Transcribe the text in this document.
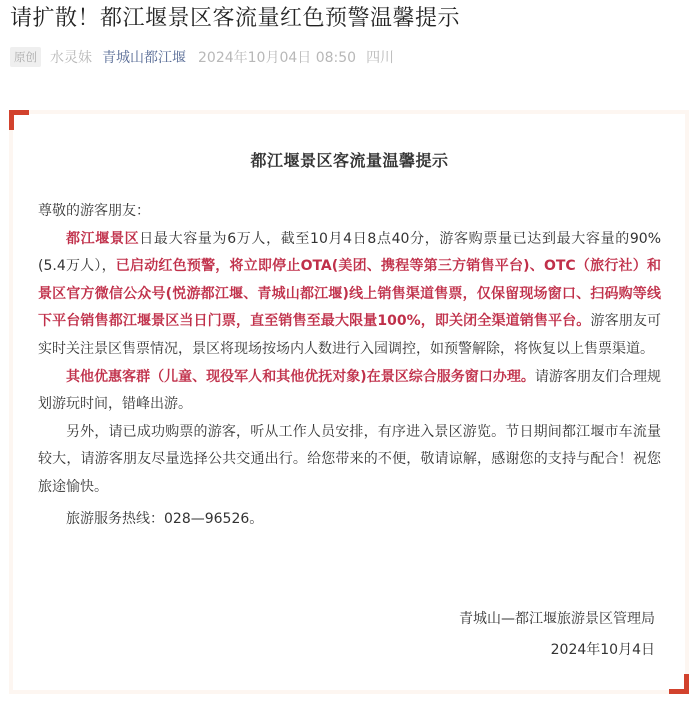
请扩散！都江堰景区客流量红色预警温馨提示
原创 水灵妹 青城山都江堰 2024年10月04日 08:50 四川
都江堰景区客流量温馨提示

尊敬的游客朋友：

都江堰景区日最大容量为6万人，截至10月4日8点40分，游客购票量已达到最大容量的90%(5.4万人），已启动红色预警，将立即停止OTA(美团、携程等第三方销售平台)、OTC（旅行社）和景区官方微信公众号(悦游都江堰、青城山都江堰)线上销售渠道售票，仅保留现场窗口、扫码购等线下平台销售都江堰景区当日门票，直至销售至最大限量100%，即关闭全渠道销售平台。游客朋友可实时关注景区售票情况，景区将现场按场内人数进行入园调控，如预警解除，将恢复以上售票渠道。

其他优惠客群（儿童、现役军人和其他优抚对象)在景区综合服务窗口办理。请游客朋友们合理规划游玩时间，错峰出游。

另外，请已成功购票的游客，听从工作人员安排，有序进入景区游览。节日期间都江堰市车流量较大，请游客朋友尽量选择公共交通出行。给您带来的不便，敬请谅解，感谢您的支持与配合！祝您旅途愉快。

旅游服务热线：028—96526。

青城山—都江堰旅游景区管理局
2024年10月4日
